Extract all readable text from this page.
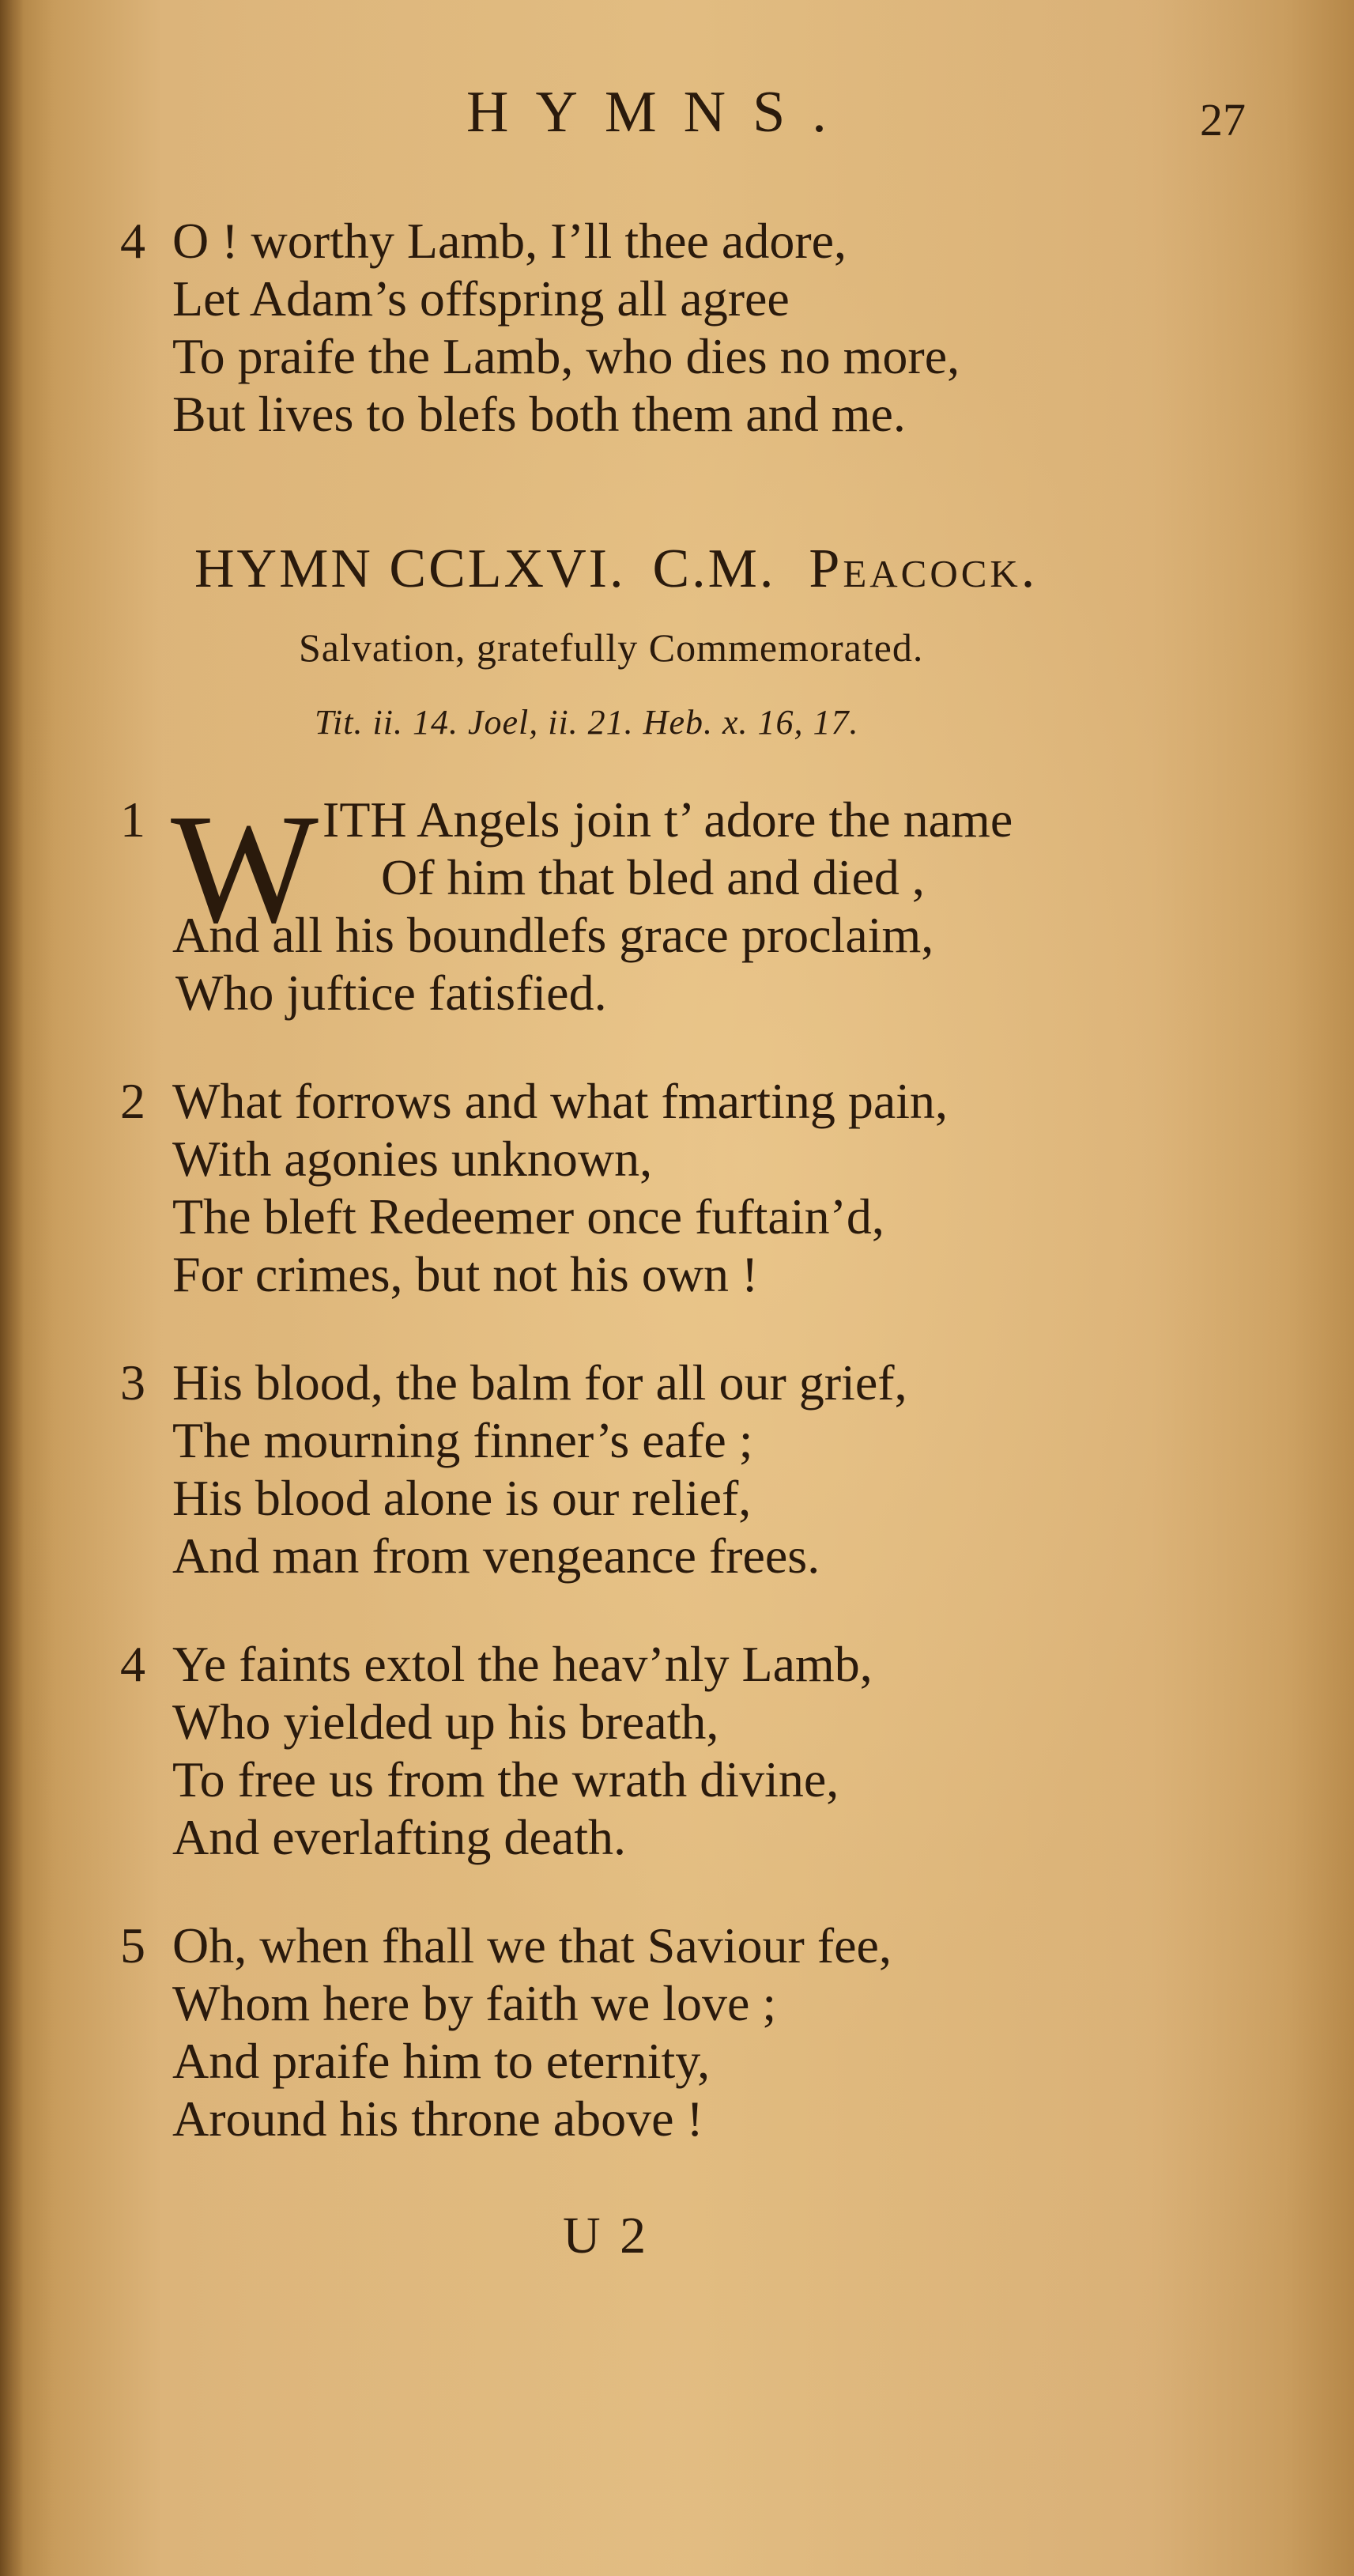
HYMNS.	27
4 O ! worthy Lamb, I’ll thee adore,
Let Adam’s offspring all agree
To praife the Lamb, who dies no more,
But lives to blefs both them and me.
HYMN CCLXVI. C.M. Peacock.
Salvation, gratefully Commemorated.
Tit. ii. 14. Joel, ii. 21. Heb. x. 16, 17.
1 W ITH Angels join t’ adore the name
Of him that bled and died ,
And all his boundlefs grace proclaim,
Who juftice fatisfied.
2 What forrows and what fmarting pain,
With agonies unknown,
The bleft Redeemer once fuftain’d,
For crimes, but not his own !
3 His blood, the balm for all our grief,
The mourning finner’s eafe ;
His blood alone is our relief,
And man from vengeance frees.
4 Ye faints extol the heav’nly Lamb,
Who yielded up his breath,
To free us from the wrath divine,
And everlafting death.
5 Oh, when fhall we that Saviour fee,
Whom here by faith we love ;
And praife him to eternity,
Around his throne above !
U 2
